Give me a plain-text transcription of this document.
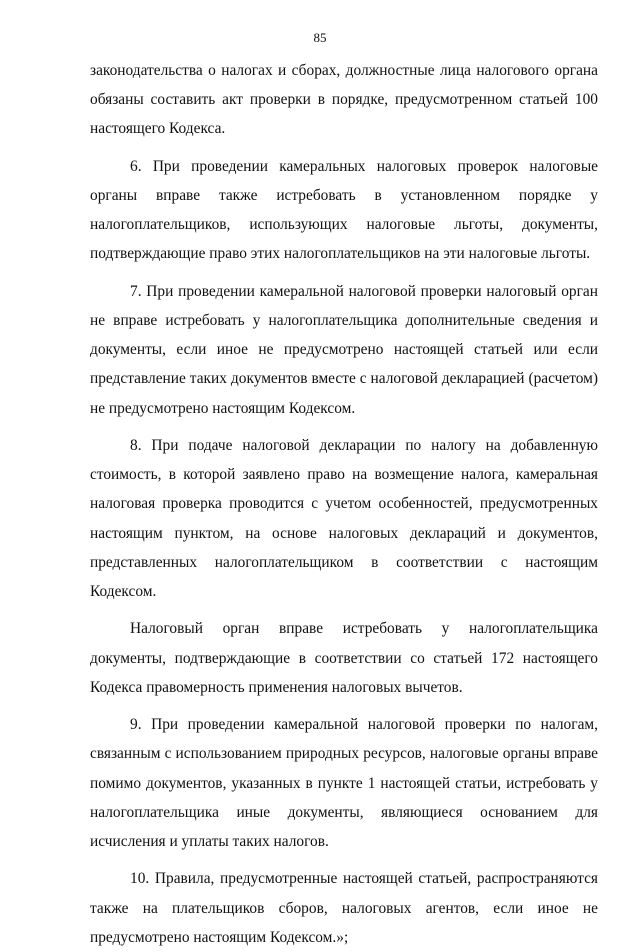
85

законодательства о налогах и сборах, должностные лица налогового органа обязаны составить акт проверки в порядке, предусмотренном статьей 100 настоящего Кодекса.

6. При проведении камеральных налоговых проверок налоговые органы вправе также истребовать в установленном порядке у налогоплательщиков, использующих налоговые льготы, документы, подтверждающие право этих налогоплательщиков на эти налоговые льготы.

7. При проведении камеральной налоговой проверки налоговый орган не вправе истребовать у налогоплательщика дополнительные сведения и документы, если иное не предусмотрено настоящей статьей или если представление таких документов вместе с налоговой декларацией (расчетом) не предусмотрено настоящим Кодексом.

8. При подаче налоговой декларации по налогу на добавленную стоимость, в которой заявлено право на возмещение налога, камеральная налоговая проверка проводится с учетом особенностей, предусмотренных настоящим пунктом, на основе налоговых деклараций и документов, представленных налогоплательщиком в соответствии с настоящим Кодексом.

Налоговый орган вправе истребовать у налогоплательщика документы, подтверждающие в соответствии со статьей 172 настоящего Кодекса правомерность применения налоговых вычетов.

9. При проведении камеральной налоговой проверки по налогам, связанным с использованием природных ресурсов, налоговые органы вправе помимо документов, указанных в пункте 1 настоящей статьи, истребовать у налогоплательщика иные документы, являющиеся основанием для исчисления и уплаты таких налогов.

10. Правила, предусмотренные настоящей статьей, распространяются также на плательщиков сборов, налоговых агентов, если иное не предусмотрено настоящим Кодексом.»;
